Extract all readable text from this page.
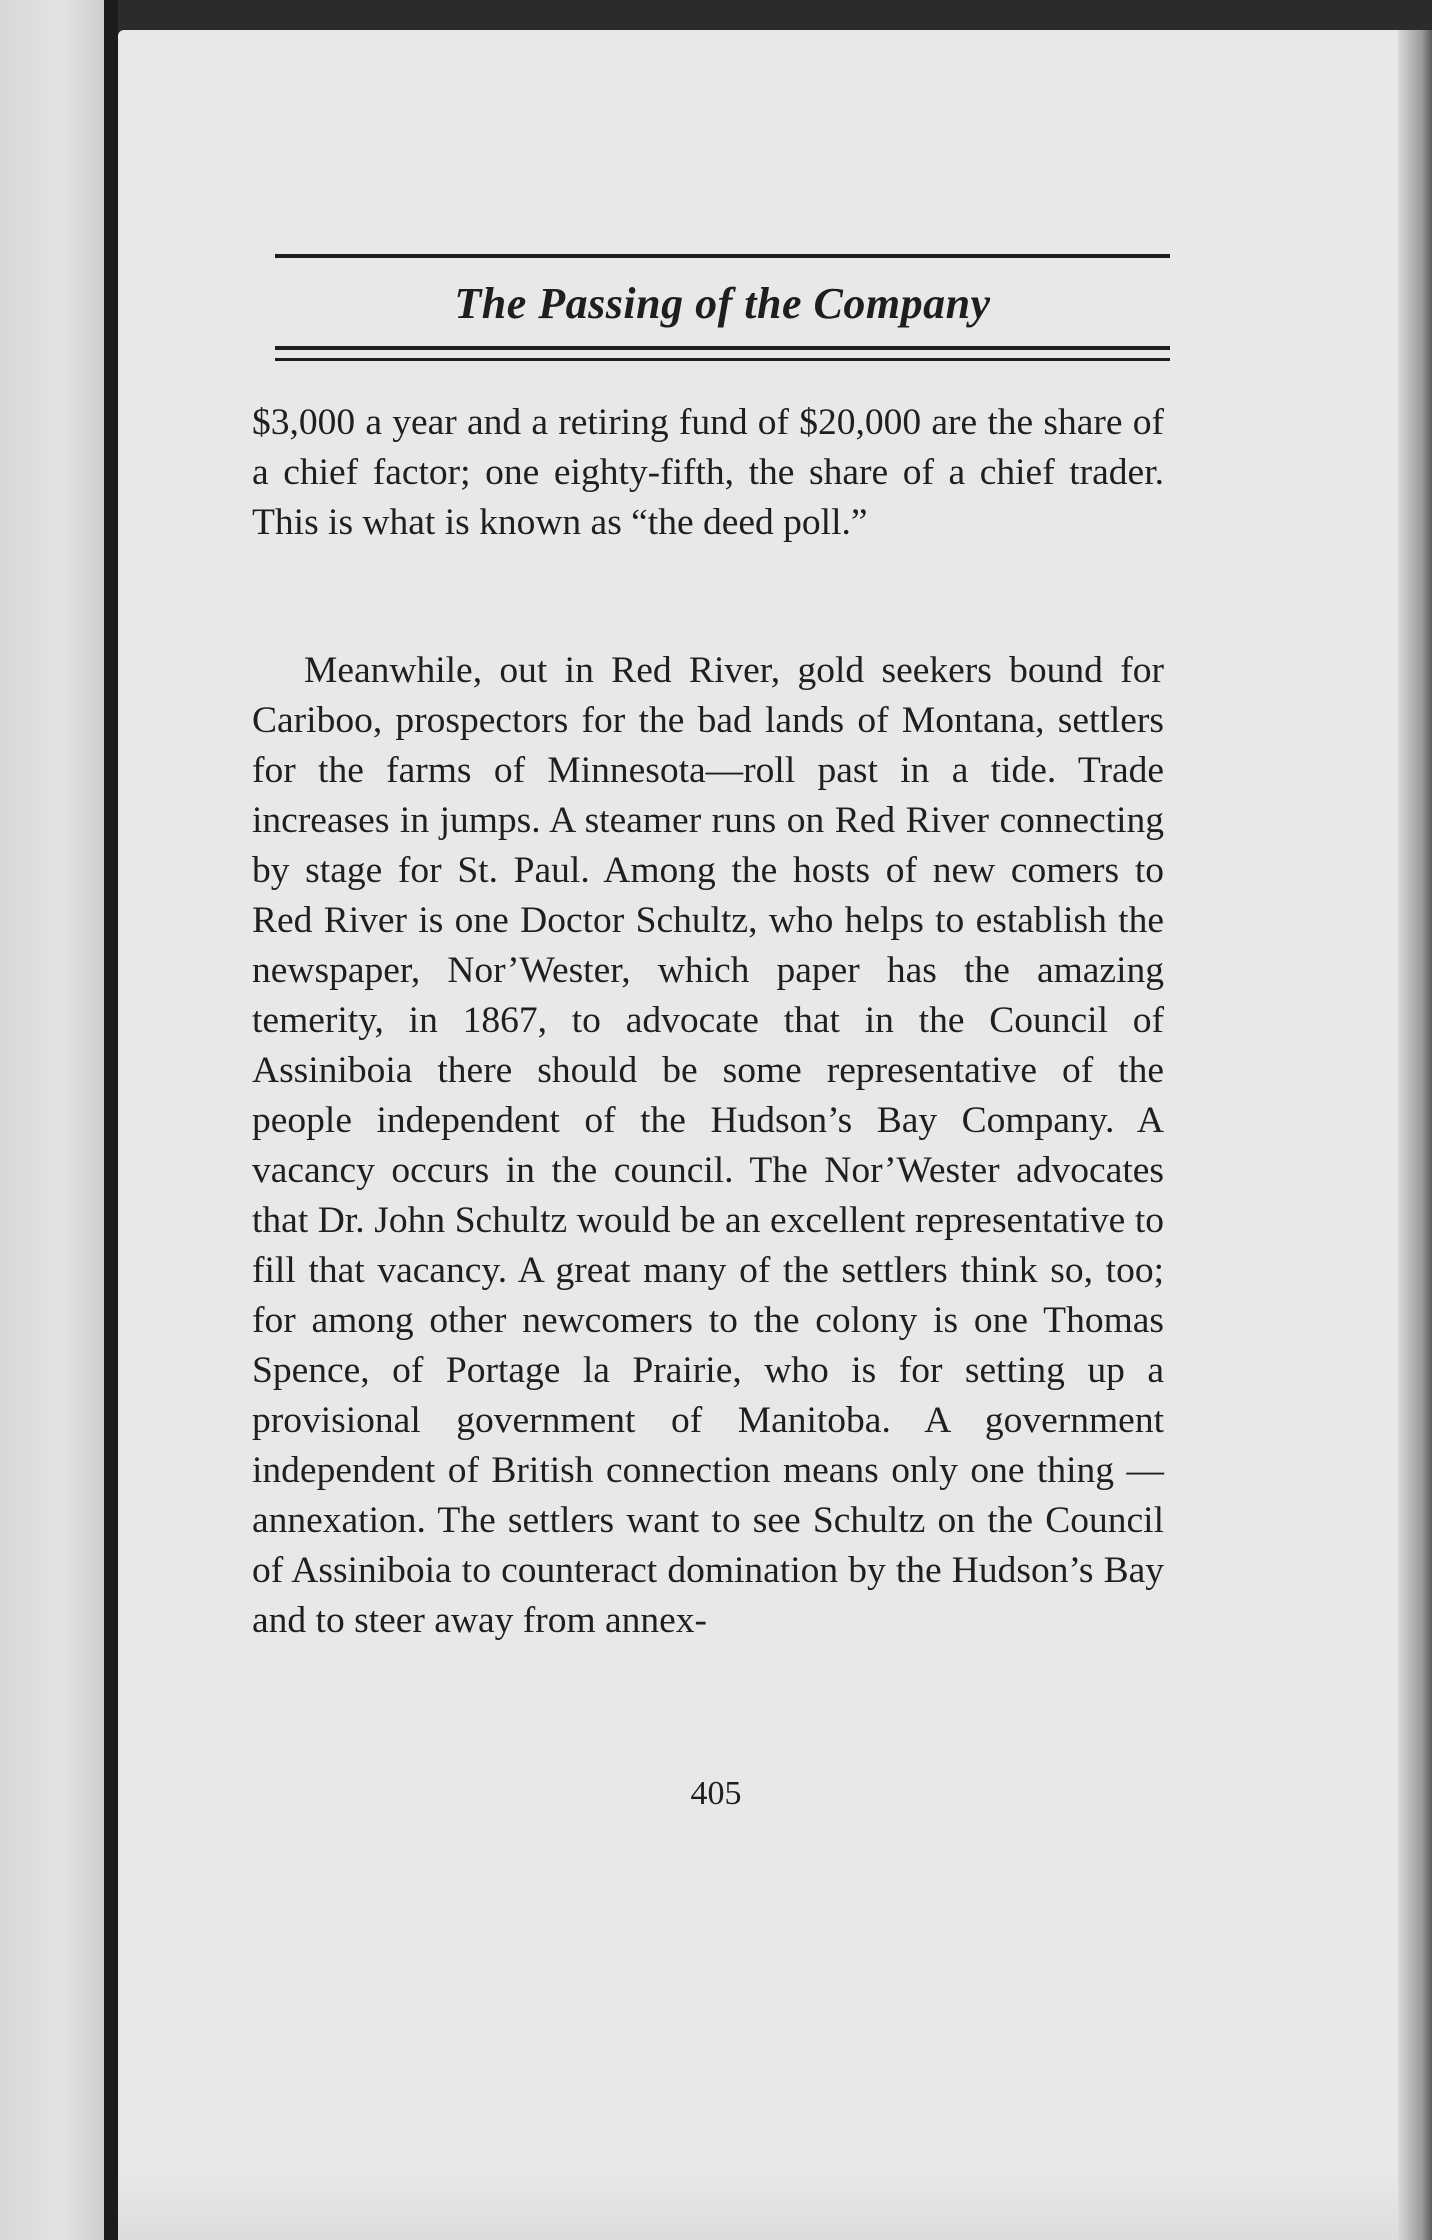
The Passing of the Company
$3,000 a year and a retiring fund of $20,000 are the share of a chief factor; one eighty-fifth, the share of a chief trader. This is what is known as “the deed poll.”
Meanwhile, out in Red River, gold seekers bound for Cariboo, prospectors for the bad lands of Montana, settlers for the farms of Minnesota—roll past in a tide. Trade increases in jumps. A steamer runs on Red River connecting by stage for St. Paul. Among the hosts of new comers to Red River is one Doctor Schultz, who helps to establish the newspaper, Nor’Wester, which paper has the amazing temerity, in 1867, to advocate that in the Council of Assiniboia there should be some representative of the people independent of the Hudson’s Bay Company. A vacancy occurs in the council. The Nor’Wester advocates that Dr. John Schultz would be an excellent representative to fill that vacancy. A great many of the settlers think so, too; for among other newcomers to the colony is one Thomas Spence, of Portage la Prairie, who is for setting up a provisional government of Manitoba. A government independent of British connection means only one thing —annexation. The settlers want to see Schultz on the Council of Assiniboia to counteract domination by the Hudson’s Bay and to steer away from annex-
405
